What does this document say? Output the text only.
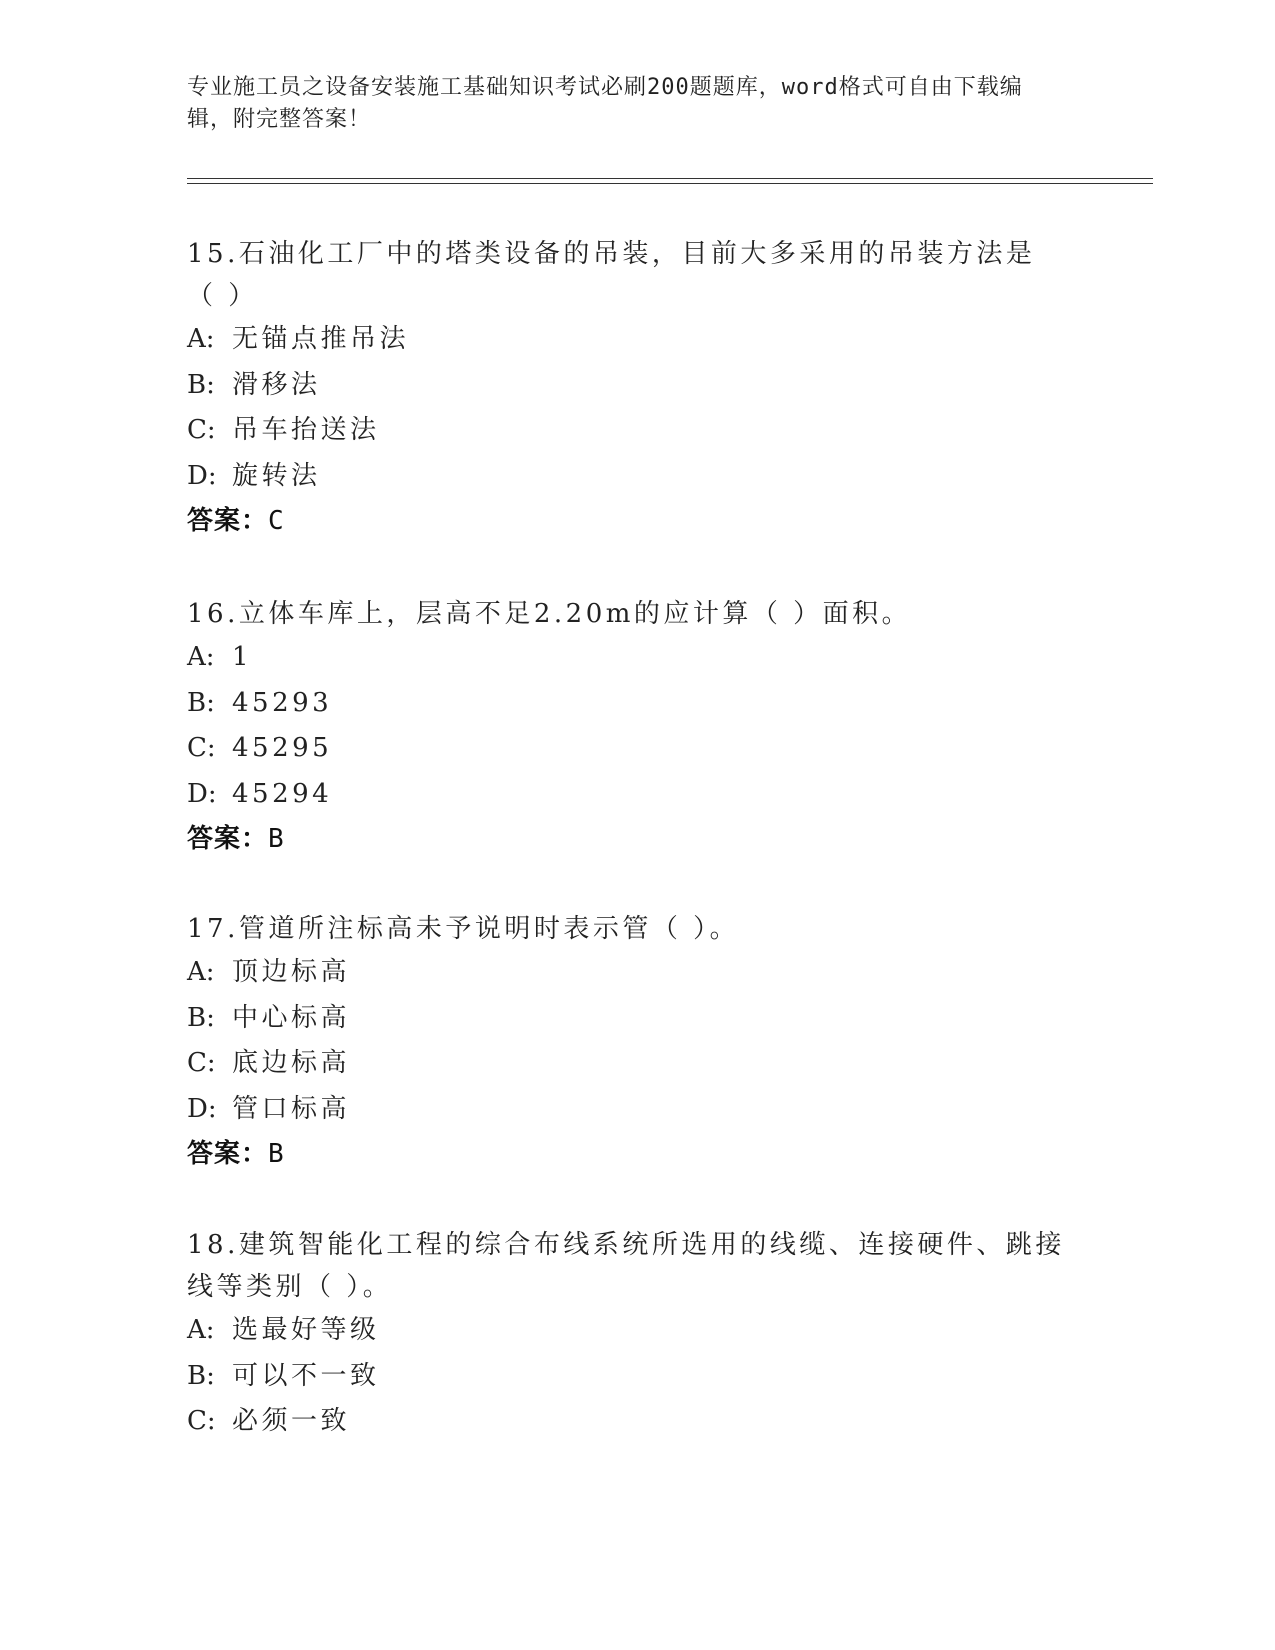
专业施工员之设备安装施工基础知识考试必刷200题题库，word格式可自由下载编辑，附完整答案！

15.石油化工厂中的塔类设备的吊装，目前大多采用的吊装方法是（ ）

A: 无锚点推吊法
B: 滑移法
C: 吊车抬送法
D: 旋转法
答案：C

16.立体车库上，层高不足2.20m的应计算（ ）面积。

A: 1
B: 45293
C: 45295
D: 45294
答案：B

17.管道所注标高未予说明时表示管（ ）。

A: 顶边标高
B: 中心标高
C: 底边标高
D: 管口标高
答案：B

18.建筑智能化工程的综合布线系统所选用的线缆、连接硬件、跳接线等类别（ ）。

A: 选最好等级
B: 可以不一致
C: 必须一致
